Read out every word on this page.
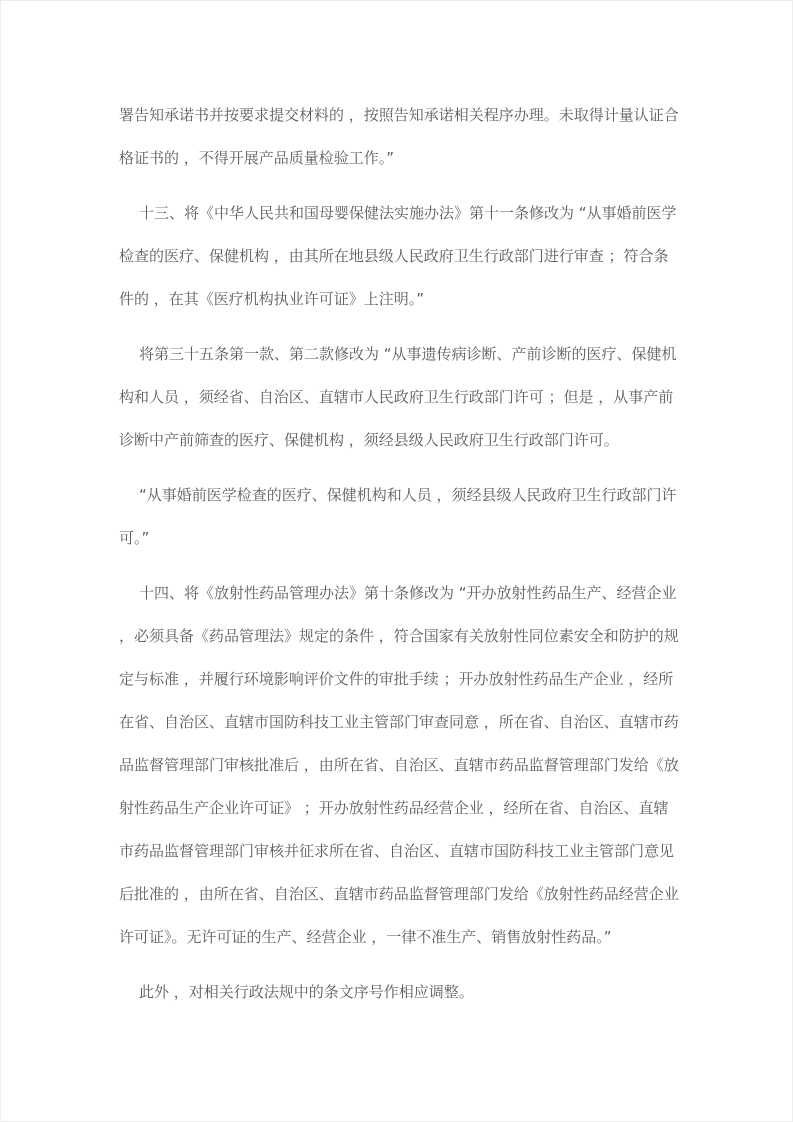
署告知承诺书并按要求提交材料的 ，按照告知承诺相关程序办理。未取得计量认证合格证书的 ，不得开展产品质量检验工作。”

十三、将《中华人民共和国母婴保健法实施办法》第十一条修改为 “从事婚前医学检查的医疗、保健机构 ，由其所在地县级人民政府卫生行政部门进行审查 ；符合条件的 ，在其《医疗机构执业许可证》上注明。”

将第三十五条第一款、第二款修改为 “从事遗传病诊断、产前诊断的医疗、保健机构和人员 ，须经省、自治区、直辖市人民政府卫生行政部门许可 ；但是 ，从事产前诊断中产前筛查的医疗、保健机构 ，须经县级人民政府卫生行政部门许可。

“从事婚前医学检查的医疗、保健机构和人员 ，须经县级人民政府卫生行政部门许可。”

十四、将《放射性药品管理办法》第十条修改为 “开办放射性药品生产、经营企业 ，必须具备《药品管理法》规定的条件 ，符合国家有关放射性同位素安全和防护的规定与标准 ，并履行环境影响评价文件的审批手续 ；开办放射性药品生产企业 ，经所在省、自治区、直辖市国防科技工业主管部门审查同意 ，所在省、自治区、直辖市药品监督管理部门审核批准后 ，由所在省、自治区、直辖市药品监督管理部门发给《放射性药品生产企业许可证》 ；开办放射性药品经营企业 ，经所在省、自治区、直辖市药品监督管理部门审核并征求所在省、自治区、直辖市国防科技工业主管部门意见后批准的 ，由所在省、自治区、直辖市药品监督管理部门发给《放射性药品经营企业许可证》。无许可证的生产、经营企业 ，一律不准生产、销售放射性药品。”

此外 ，对相关行政法规中的条文序号作相应调整。
